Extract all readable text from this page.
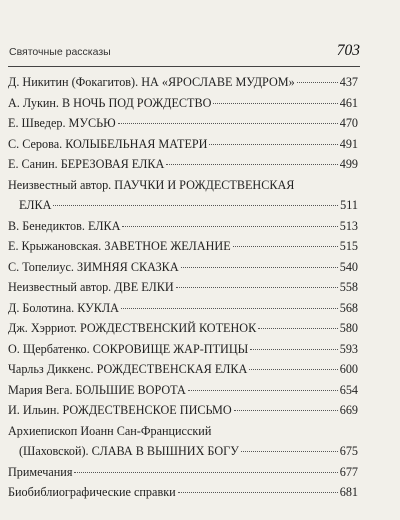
Святочные рассказы	703
Д. Никитин (Фокагитов). НА «ЯРОСЛАВЕ МУДРОМ»	437
А. Лукин. В НОЧЬ ПОД РОЖДЕСТВО	461
Е. Шведер. МУСЬЮ	470
С. Серова. КОЛЫБЕЛЬНАЯ МАТЕРИ	491
Е. Санин. БЕРЕЗОВАЯ ЕЛКА	499
Неизвестный автор. ПАУЧКИ И РОЖДЕСТВЕНСКАЯ
ЕЛКА	511
В. Бенедиктов. ЕЛКА	513
Е. Крыжановская. ЗАВЕТНОЕ ЖЕЛАНИЕ	515
С. Топелиус. ЗИМНЯЯ СКАЗКА	540
Неизвестный автор. ДВЕ ЕЛКИ	558
Д. Болотина. КУКЛА	568
Дж. Хэрриот. РОЖДЕСТВЕНСКИЙ КОТЕНОК	580
О. Щербатенко. СОКРОВИЩЕ ЖАР-ПТИЦЫ	593
Чарльз Диккенс. РОЖДЕСТВЕНСКАЯ ЕЛКА	600
Мария Вега. БОЛЬШИЕ ВОРОТА	654
И. Ильин. РОЖДЕСТВЕНСКОЕ ПИСЬМО	669
Архиепископ Иоанн Сан-Францисский
(Шаховской). СЛАВА В ВЫШНИХ БОГУ	675
Примечания	677
Биобиблиографические справки	681
